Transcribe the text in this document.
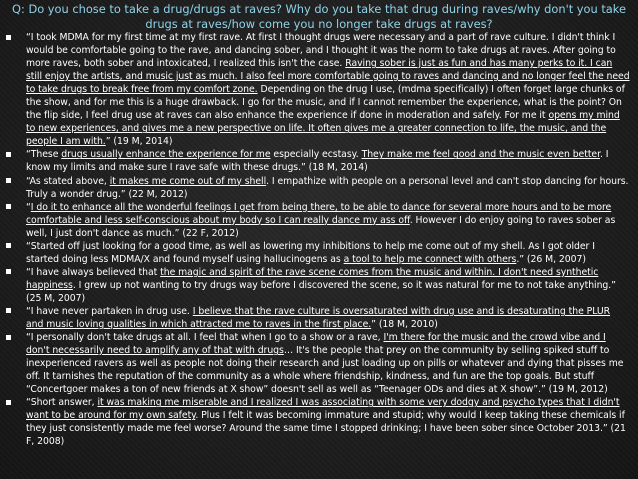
Q: Do you chose to take a drug/drugs at raves? Why do you take that drug during raves/why don't you take drugs at raves/how come you no longer take drugs at raves?

“I took MDMA for my first time at my first rave. At first I thought drugs were necessary and a part of rave culture. I didn't think I would be comfortable going to the rave, and dancing sober, and I thought it was the norm to take drugs at raves. After going to more raves, both sober and intoxicated, I realized this isn't the case. Raving sober is just as fun and has many perks to it. I can still enjoy the artists, and music just as much. I also feel more comfortable going to raves and dancing and no longer feel the need to take drugs to break free from my comfort zone. Depending on the drug I use, (mdma specifically) I often forget large chunks of the show, and for me this is a huge drawback. I go for the music, and if I cannot remember the experience, what is the point? On the flip side, I feel drug use at raves can also enhance the experience if done in moderation and safely. For me it opens my mind to new experiences, and gives me a new perspective on life. It often gives me a greater connection to life, the music, and the people I am with.” (19 M, 2014)
“These drugs usually enhance the experience for me especially ecstasy. They make me feel good and the music even better. I know my limits and make sure I rave safe with these drugs.” (18 M, 2014)
“As stated above, it makes me come out of my shell. I empathize with people on a personal level and can't stop dancing for hours. Truly a wonder drug.” (22 M, 2012)
“I do it to enhance all the wonderful feelings I get from being there, to be able to dance for several more hours and to be more comfortable and less self-conscious about my body so I can really dance my ass off. However I do enjoy going to raves sober as well, I just don't dance as much.” (22 F, 2012)
“Started off just looking for a good time, as well as lowering my inhibitions to help me come out of my shell. As I got older I started doing less MDMA/X and found myself using hallucinogens as a tool to help me connect with others.” (26 M, 2007)
“I have always believed that the magic and spirit of the rave scene comes from the music and within. I don't need synthetic happiness. I grew up not wanting to try drugs way before I discovered the scene, so it was natural for me to not take anything.” (25 M, 2007)
“I have never partaken in drug use. I believe that the rave culture is oversaturated with drug use and is desaturating the PLUR and music loving qualities in which attracted me to raves in the first place.” (18 M, 2010)
“I personally don't take drugs at all. I feel that when I go to a show or a rave, I'm there for the music and the crowd vibe and I don't necessarily need to amplify any of that with drugs… It's the people that prey on the community by selling spiked stuff to inexperienced ravers as well as people not doing their research and just loading up on pills or whatever and dying that pisses me off. It tarnishes the reputation of the community as a whole where friendship, kindness, and fun are the top goals. But stuff “Concertgoer makes a ton of new friends at X show” doesn't sell as well as “Teenager ODs and dies at X show”.” (19 M, 2012)
“Short answer, it was making me miserable and I realized I was associating with some very dodgy and psycho types that I didn't want to be around for my own safety. Plus I felt it was becoming immature and stupid; why would I keep taking these chemicals if they just consistently made me feel worse? Around the same time I stopped drinking; I have been sober since October 2013.” (21 F, 2008)
